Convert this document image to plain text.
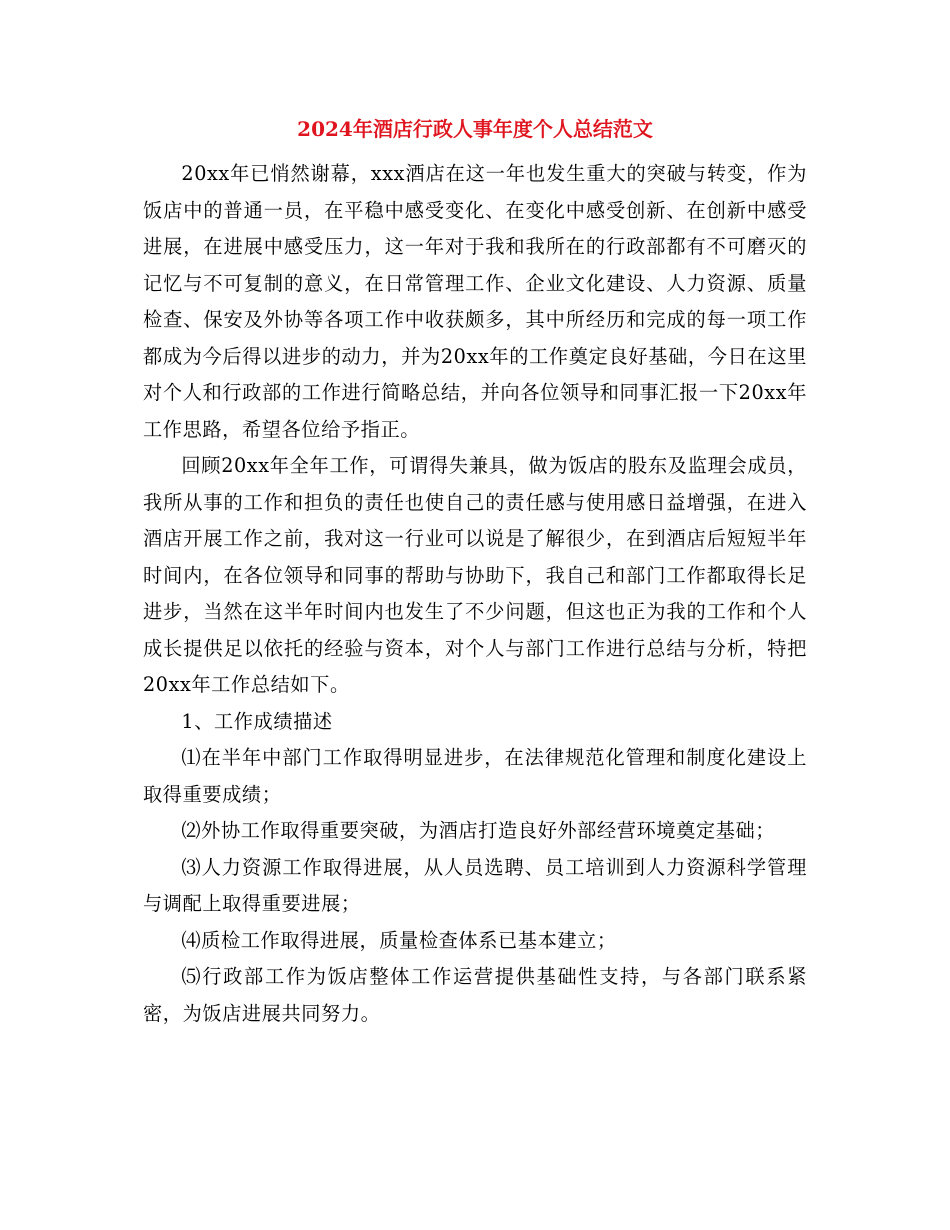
2024年酒店行政人事年度个人总结范文

20xx年已悄然谢幕，xxx酒店在这一年也发生重大的突破与转变，作为饭店中的普通一员，在平稳中感受变化、在变化中感受创新、在创新中感受进展，在进展中感受压力，这一年对于我和我所在的行政部都有不可磨灭的记忆与不可复制的意义，在日常管理工作、企业文化建设、人力资源、质量检查、保安及外协等各项工作中收获颇多，其中所经历和完成的每一项工作都成为今后得以进步的动力，并为20xx年的工作奠定良好基础，今日在这里对个人和行政部的工作进行简略总结，并向各位领导和同事汇报一下20xx年工作思路，希望各位给予指正。

回顾20xx年全年工作，可谓得失兼具，做为饭店的股东及监理会成员，我所从事的工作和担负的责任也使自己的责任感与使用感日益增强，在进入酒店开展工作之前，我对这一行业可以说是了解很少，在到酒店后短短半年时间内，在各位领导和同事的帮助与协助下，我自己和部门工作都取得长足进步，当然在这半年时间内也发生了不少问题，但这也正为我的工作和个人成长提供足以依托的经验与资本，对个人与部门工作进行总结与分析，特把20xx年工作总结如下。

1、工作成绩描述

⑴在半年中部门工作取得明显进步，在法律规范化管理和制度化建设上取得重要成绩；

⑵外协工作取得重要突破，为酒店打造良好外部经营环境奠定基础；

⑶人力资源工作取得进展，从人员选聘、员工培训到人力资源科学管理与调配上取得重要进展；

⑷质检工作取得进展，质量检查体系已基本建立；

⑸行政部工作为饭店整体工作运营提供基础性支持，与各部门联系紧密，为饭店进展共同努力。
